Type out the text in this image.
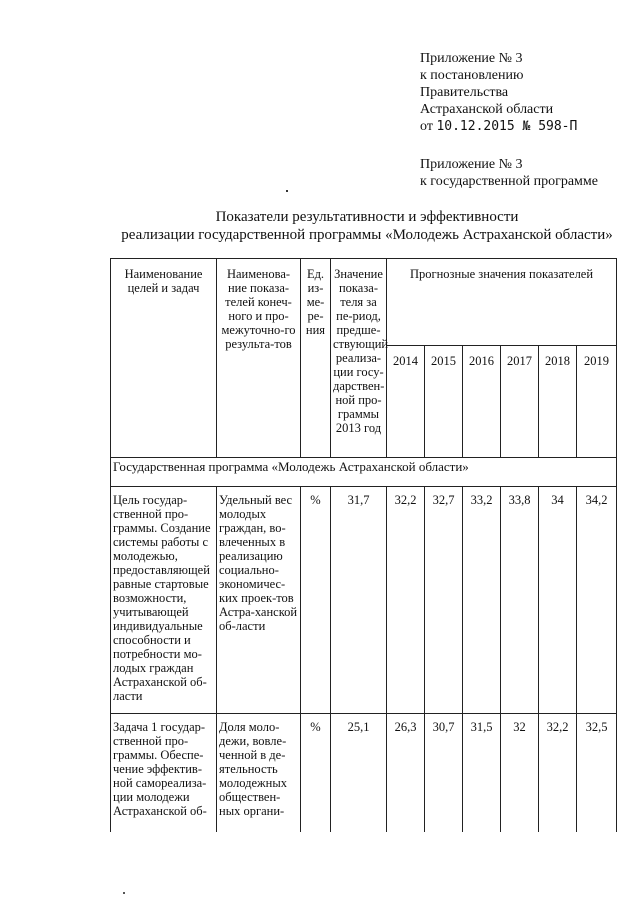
Приложение № 3
к постановлению
Правительства
Астраханской области
от 10.12.2015 № 598-П
Приложение № 3
к государственной программе
Показатели результативности и эффективности
реализации государственной программы «Молодежь Астраханской области»
Наименование целей и задач	Наименова-ние показа-телей конеч-ного и про-межуточно-го результа-тов	Ед. из-ме-ре-ния	Значение показа-теля за пе-риод, предше-ствующий реализа-ции госу-дарствен-ной про-граммы 2013 год	Прогнозные значения показателей					
				2014	2015	2016	2017	2018	2019
Государственная программа «Молодежь Астраханской области»									
Цель государ-ственной про-граммы. Создание системы работы с молодежью, предоставляющей равные стартовые возможности, учитывающей индивидуальные способности и потребности мо-лодых граждан Астраханской об-ласти	Удельный вес молодых граждан, во-влеченных в реализацию социально-экономичес-ких проек-тов Астра-ханской об-ласти	%	31,7	32,2	32,7	33,2	33,8	34	34,2
Задача 1 государ-ственной про-граммы. Обеспе-чение эффектив-ной самореализа-ции молодежи Астраханской об-	Доля моло-дежи, вовле-ченной в де-ятельность молодежных обществен-ных органи-	%	25,1	26,3	30,7	31,5	32	32,2	32,5
